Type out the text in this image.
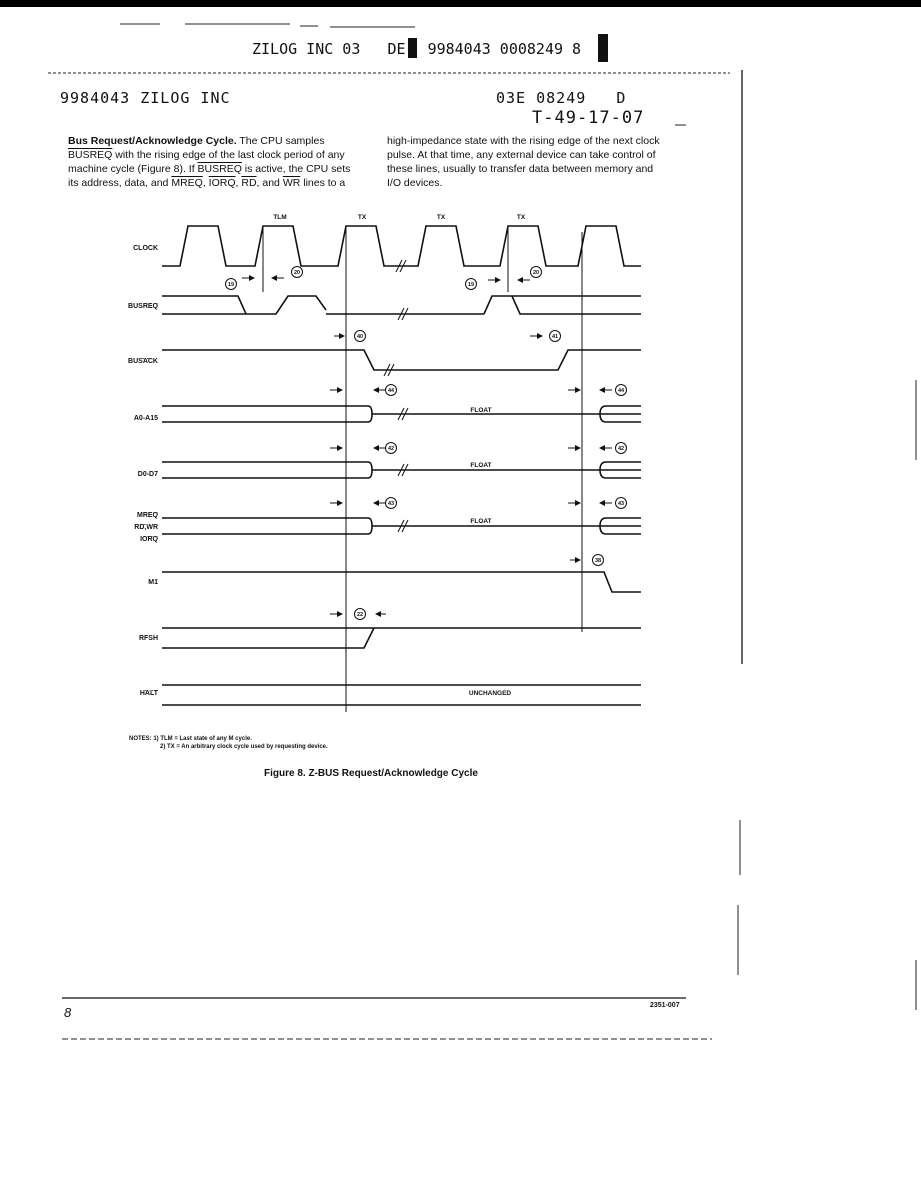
ZILOG INC 03 DE 9984043 0008249 8
9984043 ZILOG INC	03E 08249   D
T-49-17-07
Bus Request/Acknowledge Cycle. The CPU samples
BUSREQ with the rising edge of the last clock period of any
machine cycle (Figure 8). If BUSREQ is active, the CPU sets
its address, data, and MREQ, IORQ, $\overline{RD}$, and $\overline{WR}$ lines to a
high-impedance state with the rising edge of the next clock
pulse. At that time, any external device can take control of
these lines, usually to transfer data between memory and
I/O devices.
19
20
19
20
40	41
44	44
42	42
43	43
38
22
CLOCK
BUSREQ
BUSACK
A0-A15
D0-D7
MREQ
RD,WR
IORQ
M1
RFSH
HALT
TLM	TX	TX	TX
FLOAT
FLOAT
FLOAT
UNCHANGED
NOTES: 1) TLM = Last state of any M cycle.
2) TX = An arbitrary clock cycle used by requesting device.
Figure 8. Z-BUS Request/Acknowledge Cycle
8	2351-007
